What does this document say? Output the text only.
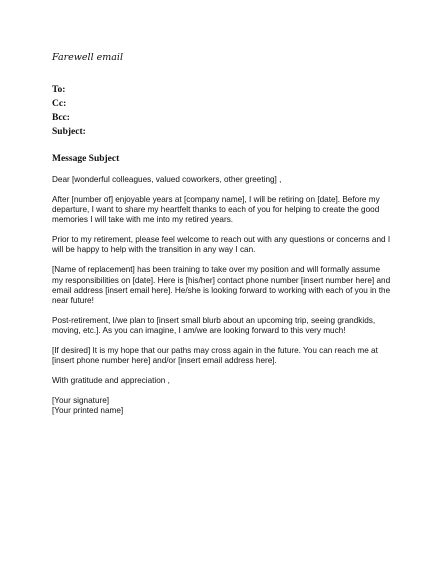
Farewell email
To:
Cc:
Bcc:
Subject:
Message Subject

Dear [wonderful colleagues, valued coworkers, other greeting] ,

After [number of] enjoyable years at [company name], I will be retiring on [date]. Before my departure, I want to share my heartfelt thanks to each of you for helping to create the good memories I will take with me into my retired years.

Prior to my retirement, please feel welcome to reach out with any questions or concerns and I will be happy to help with the transition in any way I can.

[Name of replacement] has been training to take over my position and will formally assume my responsibilities on [date]. Here is [his/her] contact phone number [insert number here] and email address [insert email here]. He/she is looking forward to working with each of you in the near future!

Post-retirement, I/we plan to [insert small blurb about an upcoming trip, seeing grandkids, moving, etc.]. As you can imagine, I am/we are looking forward to this very much!

[If desired] It is my hope that our paths may cross again in the future. You can reach me at [insert phone number here] and/or [insert email address here].

With gratitude and appreciation ,

[Your signature]
[Your printed name]
